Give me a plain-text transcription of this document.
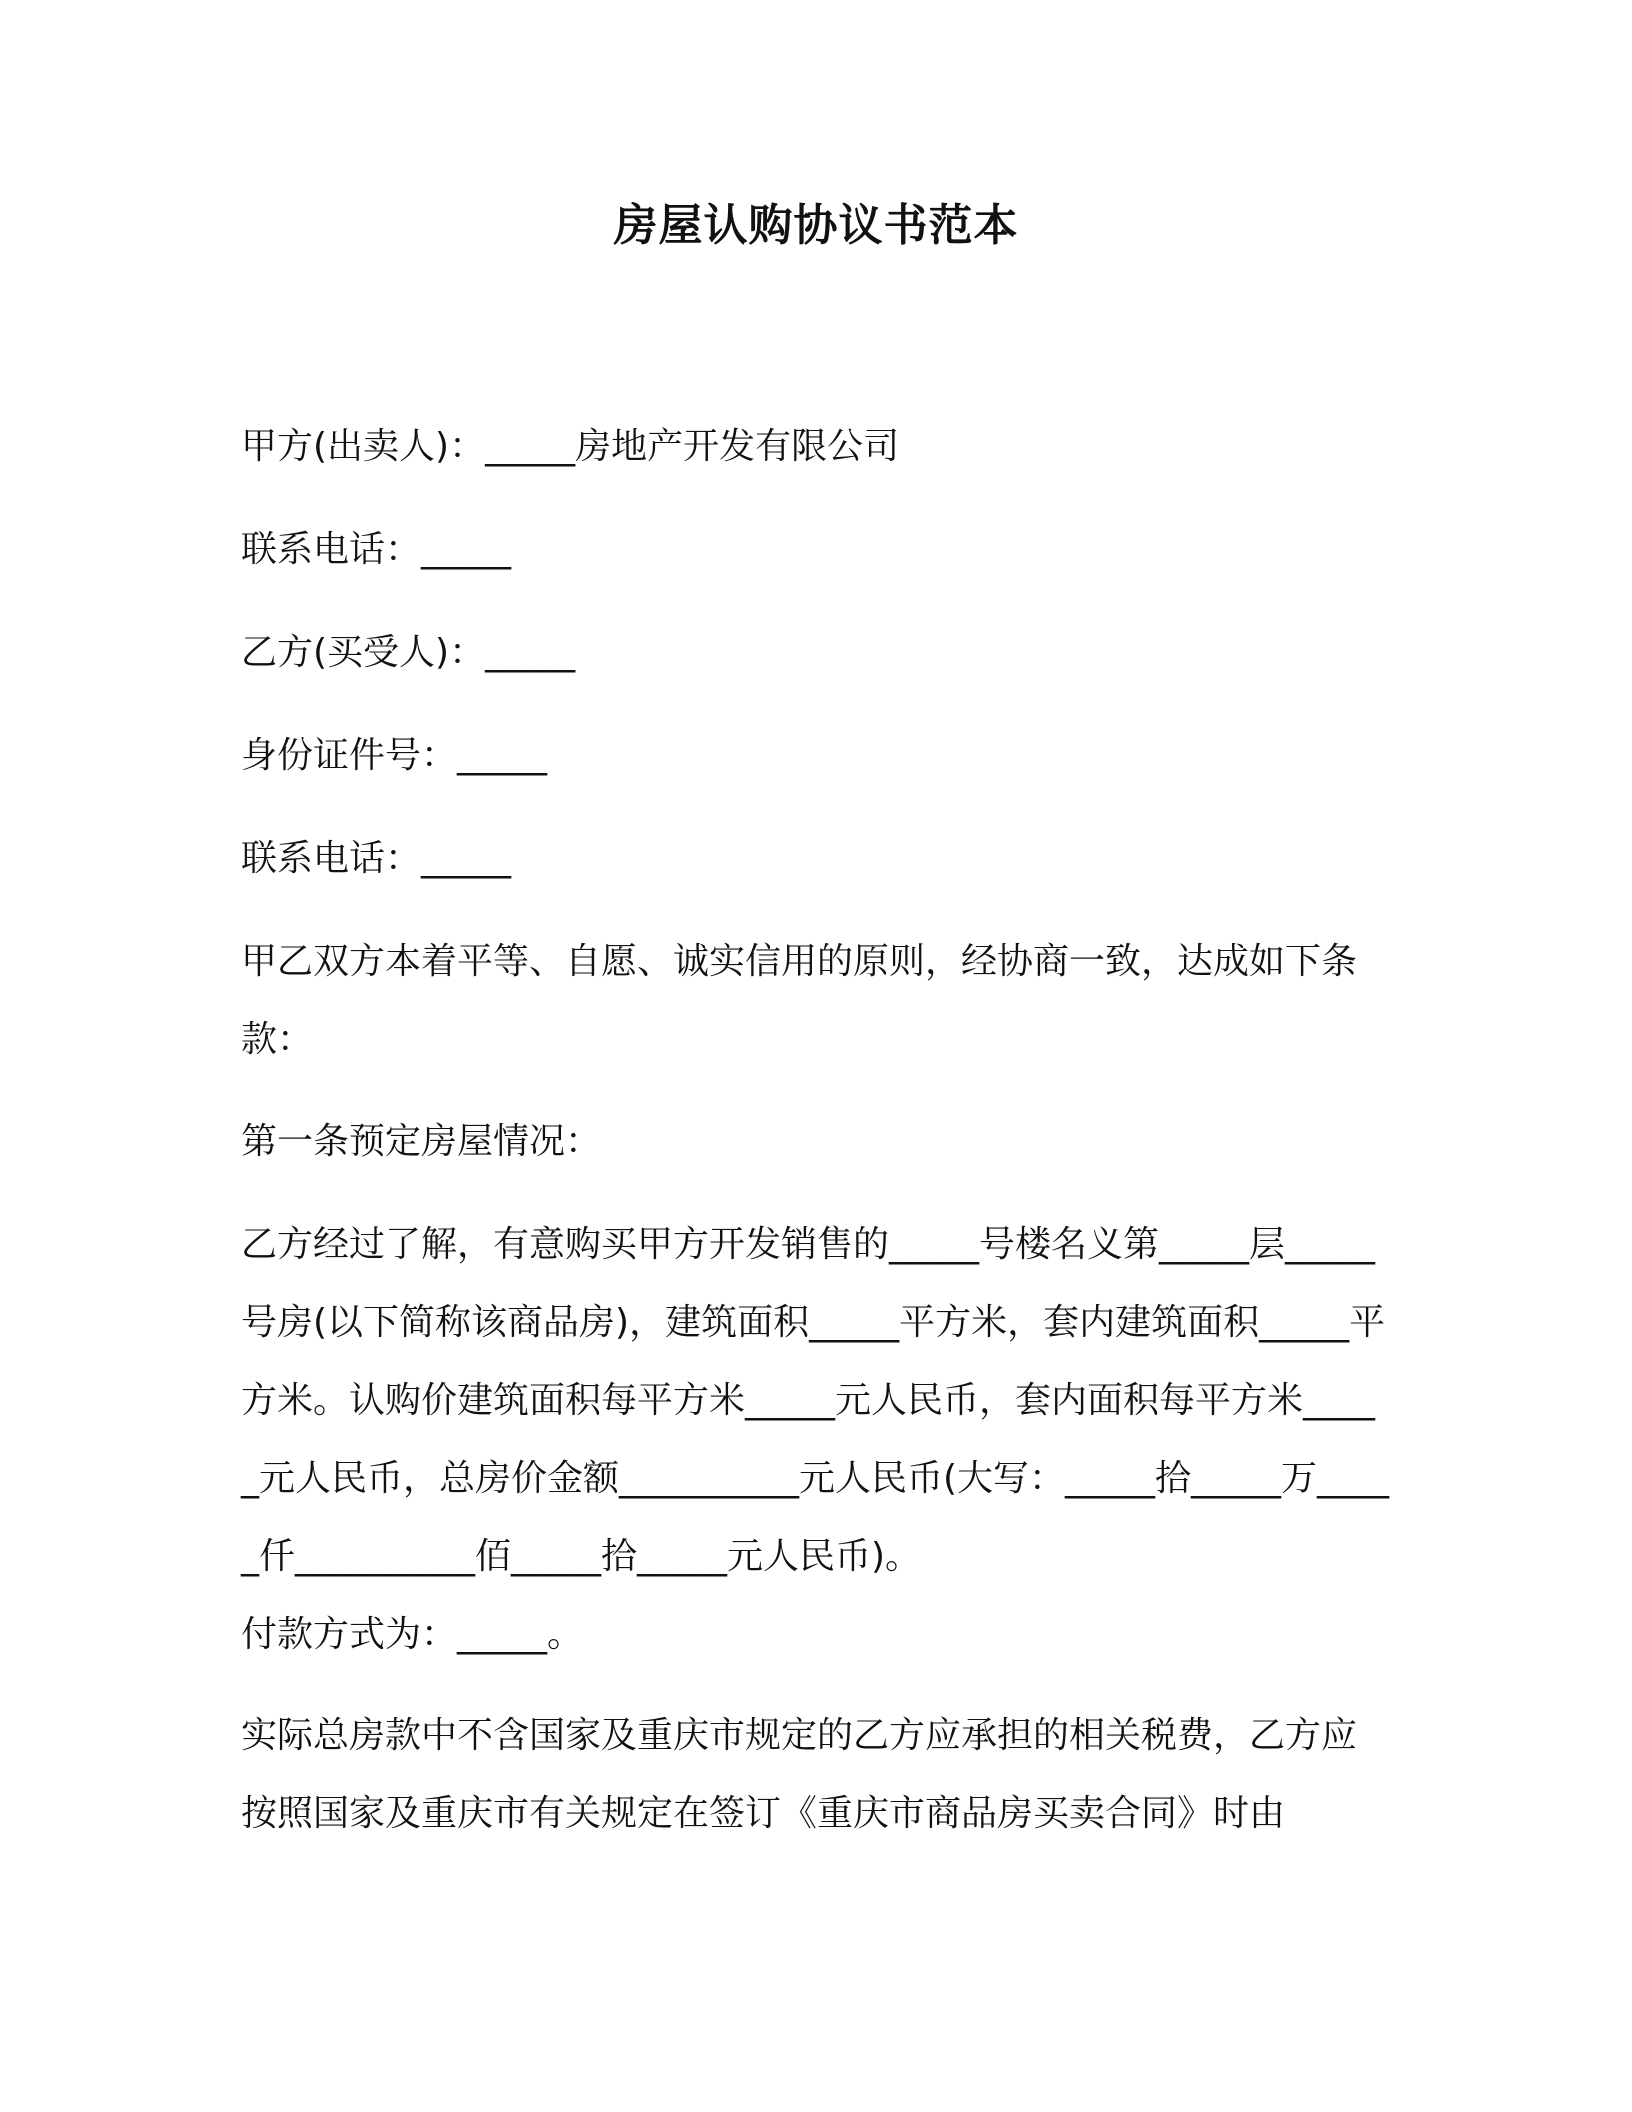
房屋认购协议书范本

甲方(出卖人)：_____房地产开发有限公司

联系电话：_____

乙方(买受人)：_____

身份证件号：_____

联系电话：_____

甲乙双方本着平等、自愿、诚实信用的原则，经协商一致，达成如下条款：

第一条预定房屋情况：

乙方经过了解，有意购买甲方开发销售的_____号楼名义第_____层_____号房(以下简称该商品房)，建筑面积_____平方米，套内建筑面积_____平方米。认购价建筑面积每平方米_____元人民币，套内面积每平方米_____元人民币，总房价金额__________元人民币(大写：_____拾_____万_____仟__________佰_____拾_____元人民币)。

付款方式为：_____。

实际总房款中不含国家及重庆市规定的乙方应承担的相关税费，乙方应按照国家及重庆市有关规定在签订《重庆市商品房买卖合同》时由
